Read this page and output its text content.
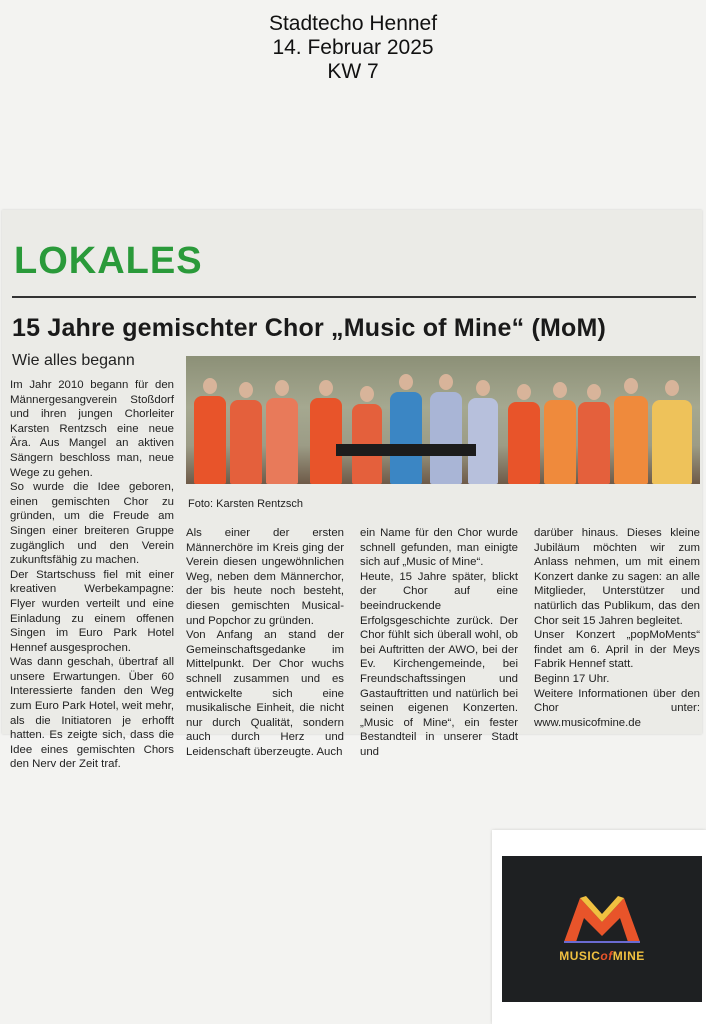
Stadtecho Hennef
14. Februar 2025
KW 7
LOKALES
15 Jahre gemischter Chor „Music of Mine“ (MoM)
Wie alles begann

Im Jahr 2010 begann für den Männergesangverein Stoßdorf und ihren jungen Chorleiter Karsten Rentzsch eine neue Ära. Aus Mangel an aktiven Sängern beschloss man, neue Wege zu gehen.

So wurde die Idee geboren, einen gemischten Chor zu gründen, um die Freude am Singen einer breiteren Gruppe zugänglich und den Verein zukunftsfähig zu machen.

Der Startschuss fiel mit einer kreativen Werbekampagne: Flyer wurden verteilt und eine Einladung zu einem offenen Singen im Euro Park Hotel Hennef ausgesprochen.

Was dann geschah, übertraf all unsere Erwartungen. Über 60 Interessierte fanden den Weg zum Euro Park Hotel, weit mehr, als die Initiatoren je erhofft hatten. Es zeigte sich, dass die Idee eines gemischten Chors den Nerv der Zeit traf.

Foto: Karsten Rentzsch

Als einer der ersten Männerchöre im Kreis ging der Verein diesen ungewöhnlichen Weg, neben dem Männerchor, der bis heute noch besteht, diesen gemischten Musical- und Popchor zu gründen.

Von Anfang an stand der Gemeinschaftsgedanke im Mittelpunkt. Der Chor wuchs schnell zusammen und es entwickelte sich eine musikalische Einheit, die nicht nur durch Qualität, sondern auch durch Herz und Leidenschaft überzeugte. Auch

ein Name für den Chor wurde schnell gefunden, man einigte sich auf „Music of Mine“.

Heute, 15 Jahre später, blickt der Chor auf eine beeindruckende Erfolgsgeschichte zurück. Der Chor fühlt sich überall wohl, ob bei Auftritten der AWO, bei der Ev. Kirchengemeinde, bei Freundschaftssingen und Gastauftritten und natürlich bei seinen eigenen Konzerten. „Music of Mine“, ein fester Bestandteil in unserer Stadt und

darüber hinaus. Dieses kleine Jubiläum möchten wir zum Anlass nehmen, um mit einem Konzert danke zu sagen: an alle Mitglieder, Unterstützer und natürlich das Publikum, das den Chor seit 15 Jahren begleitet.

Unser Konzert „popMoMents“ findet am 6. April in der Meys Fabrik Hennef statt.

Beginn 17 Uhr.

Weitere Informationen über den Chor unter: www.musicofmine.de

MUSICofMINE
